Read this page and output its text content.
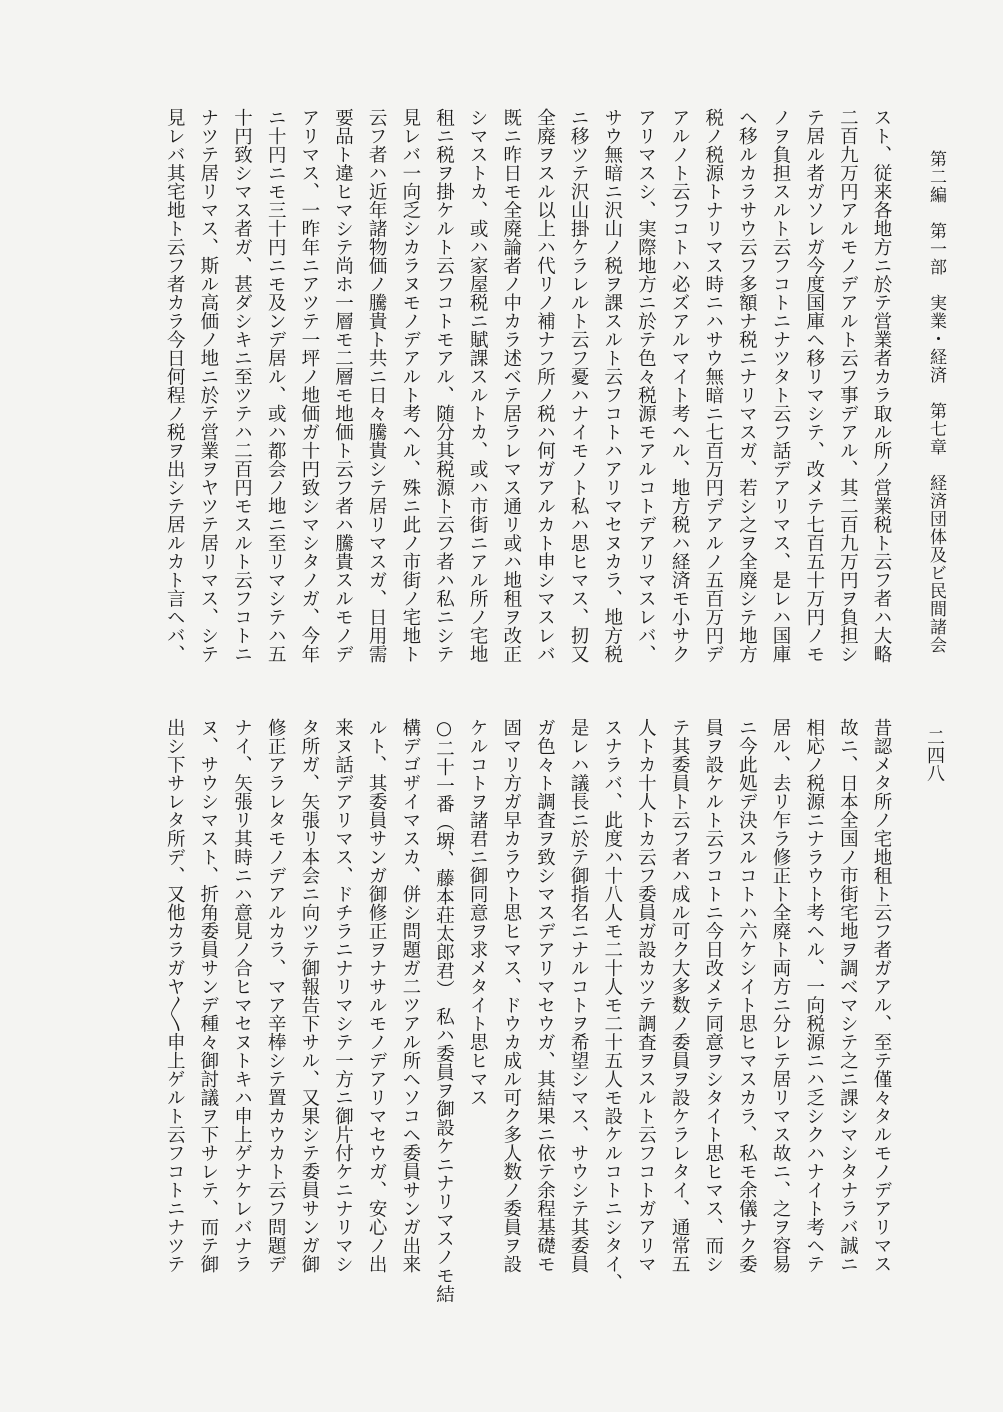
第二編　第一部　実業・経済　第七章　経済団体及ビ民間諸会
二四八
スト、従来各地方ニ於テ営業者カラ取ル所ノ営業税ト云フ者ハ大略
二百九万円アルモノデアルト云フ事デアル、其二百九万円ヲ負担シ
テ居ル者ガソレガ今度国庫ヘ移リマシテ、改メテ七百五十万円ノモ
ノヲ負担スルト云フコトニナツタト云フ話デアリマス、是レハ国庫
ヘ移ルカラサウ云フ多額ナ税ニナリマスガ、若シ之ヲ全廃シテ地方
税ノ税源トナリマス時ニハサウ無暗ニ七百万円デアルノ五百万円デ
アルノト云フコトハ必ズアルマイト考ヘル、地方税ハ経済モ小サク
アリマスシ、実際地方ニ於テ色々税源モアルコトデアリマスレバ、
サウ無暗ニ沢山ノ税ヲ課スルト云フコトハアリマセヌカラ、地方税
ニ移ツテ沢山掛ケラレルト云フ憂ハナイモノト私ハ思ヒマス、扨又
全廃ヲスル以上ハ代リノ補ナフ所ノ税ハ何ガアルカト申シマスレバ
既ニ昨日モ全廃論者ノ中カラ述ベテ居ラレマス通リ或ハ地租ヲ改正
シマストカ、或ハ家屋税ニ賦課スルトカ、或ハ市街ニアル所ノ宅地
租ニ税ヲ掛ケルト云フコトモアル、随分其税源ト云フ者ハ私ニシテ
見レバ一向乏シカラヌモノデアルト考ヘル、殊ニ此ノ市街ノ宅地ト
云フ者ハ近年諸物価ノ騰貴ト共ニ日々騰貴シテ居リマスガ、日用需
要品ト違ヒマシテ尚ホ一層モ二層モ地価ト云フ者ハ騰貴スルモノデ
アリマス、一昨年ニアツテ一坪ノ地価ガ十円致シマシタノガ、今年
ニ十円ニモ三十円ニモ及ンデ居ル、或ハ都会ノ地ニ至リマシテハ五
十円致シマス者ガ、甚ダシキニ至ツテハ二百円モスルト云フコトニ
ナツテ居リマス、斯ル高価ノ地ニ於テ営業ヲヤツテ居リマス、シテ
見レバ其宅地ト云フ者カラ今日何程ノ税ヲ出シテ居ルカト言ヘバ、
昔認メタ所ノ宅地租ト云フ者ガアル、至テ僅々タルモノデアリマス
故ニ、日本全国ノ市街宅地ヲ調ベマシテ之ニ課シマシタナラバ誠ニ
相応ノ税源ニナラウト考ヘル、一向税源ニハ乏シクハナイト考ヘテ
居ル、去リ乍ラ修正ト全廃ト両方ニ分レテ居リマス故ニ、之ヲ容易
ニ今此処デ決スルコトハ六ケシイト思ヒマスカラ、私モ余儀ナク委
員ヲ設ケルト云フコトニ今日改メテ同意ヲシタイト思ヒマス、而シ
テ其委員ト云フ者ハ成ル可ク大多数ノ委員ヲ設ケラレタイ、通常五
人トカ十人トカ云フ委員ガ設カツテ調査ヲスルト云フコトガアリマ
スナラバ、此度ハ十八人モ二十人モ二十五人モ設ケルコトニシタイ、
是レハ議長ニ於テ御指名ニナルコトヲ希望シマス、サウシテ其委員
ガ色々ト調査ヲ致シマスデアリマセウガ、其結果ニ依テ余程基礎モ
固マリ方ガ早カラウト思ヒマス、ドウカ成ル可ク多人数ノ委員ヲ設
ケルコトヲ諸君ニ御同意ヲ求メタイト思ヒマス
○二十一番（堺、藤本荘太郎君）　私ハ委員ヲ御設ケニナリマスノモ結
構デゴザイマスカ、併シ問題ガ二ツアル所ヘソコヘ委員サンガ出来
ルト、其委員サンガ御修正ヲナサルモノデアリマセウガ、安心ノ出
来ヌ話デアリマス、ドチラニナリマシテ一方ニ御片付ケニナリマシ
タ所ガ、矢張リ本会ニ向ツテ御報告下サル、又果シテ委員サンガ御
修正アラレタモノデアルカラ、マア辛棒シテ置カウカト云フ問題デ
ナイ、矢張リ其時ニハ意見ノ合ヒマセヌトキハ申上ゲナケレバナラ
ヌ、サウシマスト、折角委員サンデ種々御討議ヲ下サレテ、而テ御
出シ下サレタ所デ、又他カラガヤ〳〵申上ゲルト云フコトニナツテ
